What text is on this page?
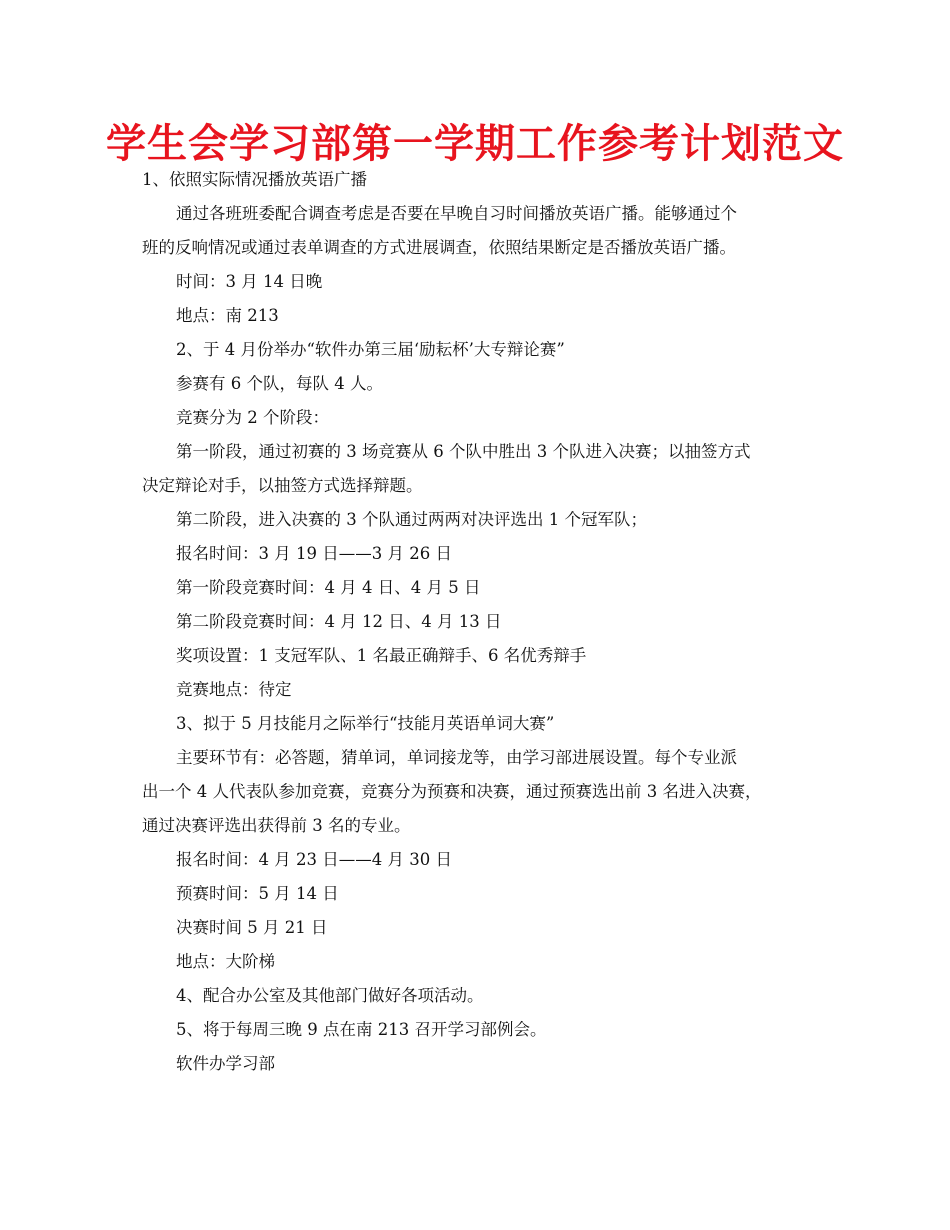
学生会学习部第一学期工作参考计划范文
1、依照实际情况播放英语广播
通过各班班委配合调查考虑是否要在早晚自习时间播放英语广播。能够通过个
班的反响情况或通过表单调查的方式进展调查，依照结果断定是否播放英语广播。
时间：3 月 14 日晚
地点：南 213
2、于 4 月份举办“软件办第三届‘励耘杯’大专辩论赛”
参赛有 6 个队，每队 4 人。
竞赛分为 2 个阶段：
第一阶段，通过初赛的 3 场竞赛从 6 个队中胜出 3 个队进入决赛；以抽签方式
决定辩论对手，以抽签方式选择辩题。
第二阶段，进入决赛的 3 个队通过两两对决评选出 1 个冠军队；
报名时间：3 月 19 日——3 月 26 日
第一阶段竞赛时间：4 月 4 日、4 月 5 日
第二阶段竞赛时间：4 月 12 日、4 月 13 日
奖项设置：1 支冠军队、1 名最正确辩手、6 名优秀辩手
竞赛地点：待定
3、拟于 5 月技能月之际举行“技能月英语单词大赛”
主要环节有：必答题，猜单词，单词接龙等，由学习部进展设置。每个专业派
出一个 4 人代表队参加竞赛，竞赛分为预赛和决赛，通过预赛选出前 3 名进入决赛，
通过决赛评选出获得前 3 名的专业。
报名时间：4 月 23 日——4 月 30 日
预赛时间：5 月 14 日
决赛时间 5 月 21 日
地点：大阶梯
4、配合办公室及其他部门做好各项活动。
5、将于每周三晚 9 点在南 213 召开学习部例会。
软件办学习部
